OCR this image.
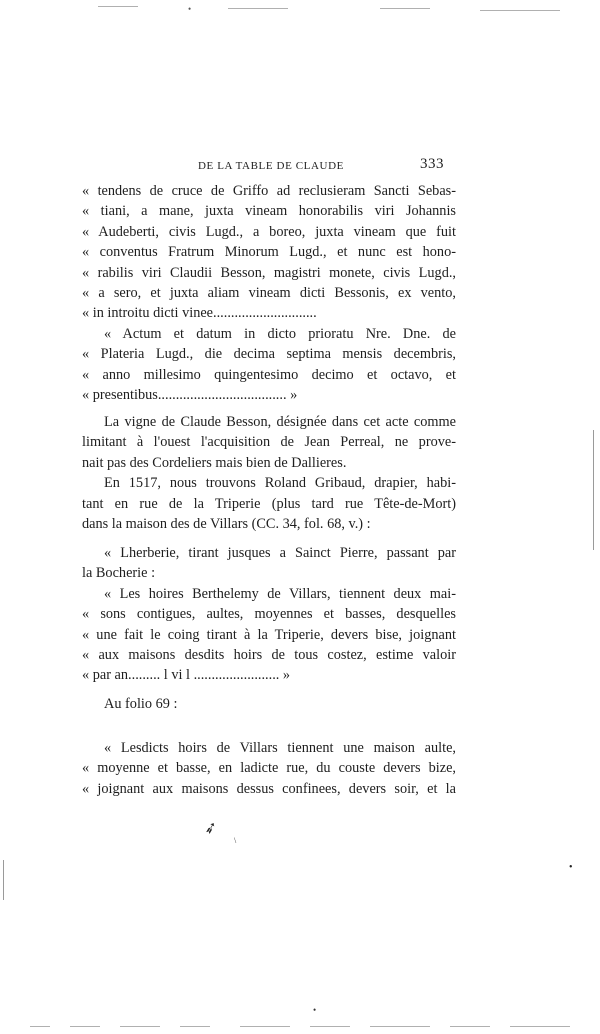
•
DE LA TABLE DE CLAUDE	333
« tendens de cruce de Griffo ad reclusieram Sancti Sebas-
« tiani, a mane, juxta vineam honorabilis viri Johannis
« Audeberti, civis Lugd., a boreo, juxta vineam que fuit
« conventus Fratrum Minorum Lugd., et nunc est hono-
« rabilis viri Claudii Besson, magistri monete, civis Lugd.,
« a sero, et juxta aliam vineam dicti Bessonis, ex vento,
« in introitu dicti vinee.............................
« Actum et datum in dicto prioratu Nre. Dne. de
« Plateria Lugd., die decima septima mensis decembris,
« anno millesimo quingentesimo decimo et octavo, et
« presentibus.................................... »
La vigne de Claude Besson, désignée dans cet acte comme
limitant à l'ouest l'acquisition de Jean Perreal, ne prove-
nait pas des Cordeliers mais bien de Dallieres.
En 1517, nous trouvons Roland Gribaud, drapier, habi-
tant en rue de la Triperie (plus tard rue Tête-de-Mort)
dans la maison des de Villars (CC. 34, fol. 68, v.) :
« Lherberie, tirant jusques a Sainct Pierre, passant par
la Bocherie :
« Les hoires Berthelemy de Villars, tiennent deux mai-
« sons contigues, aultes, moyennes et basses, desquelles
« une fait le coing tirant à la Triperie, devers bise, joignant
« aux maisons desdits hoirs de tous costez, estime valoir
« par an......... l vi l ........................ »
Au folio 69 :
« Lesdicts hoirs de Villars tiennent une maison aulte,
« moyenne et basse, en ladicte rue, du couste devers bize,
« joignant aux maisons dessus confinees, devers soir, et la
➶
\
•
•
